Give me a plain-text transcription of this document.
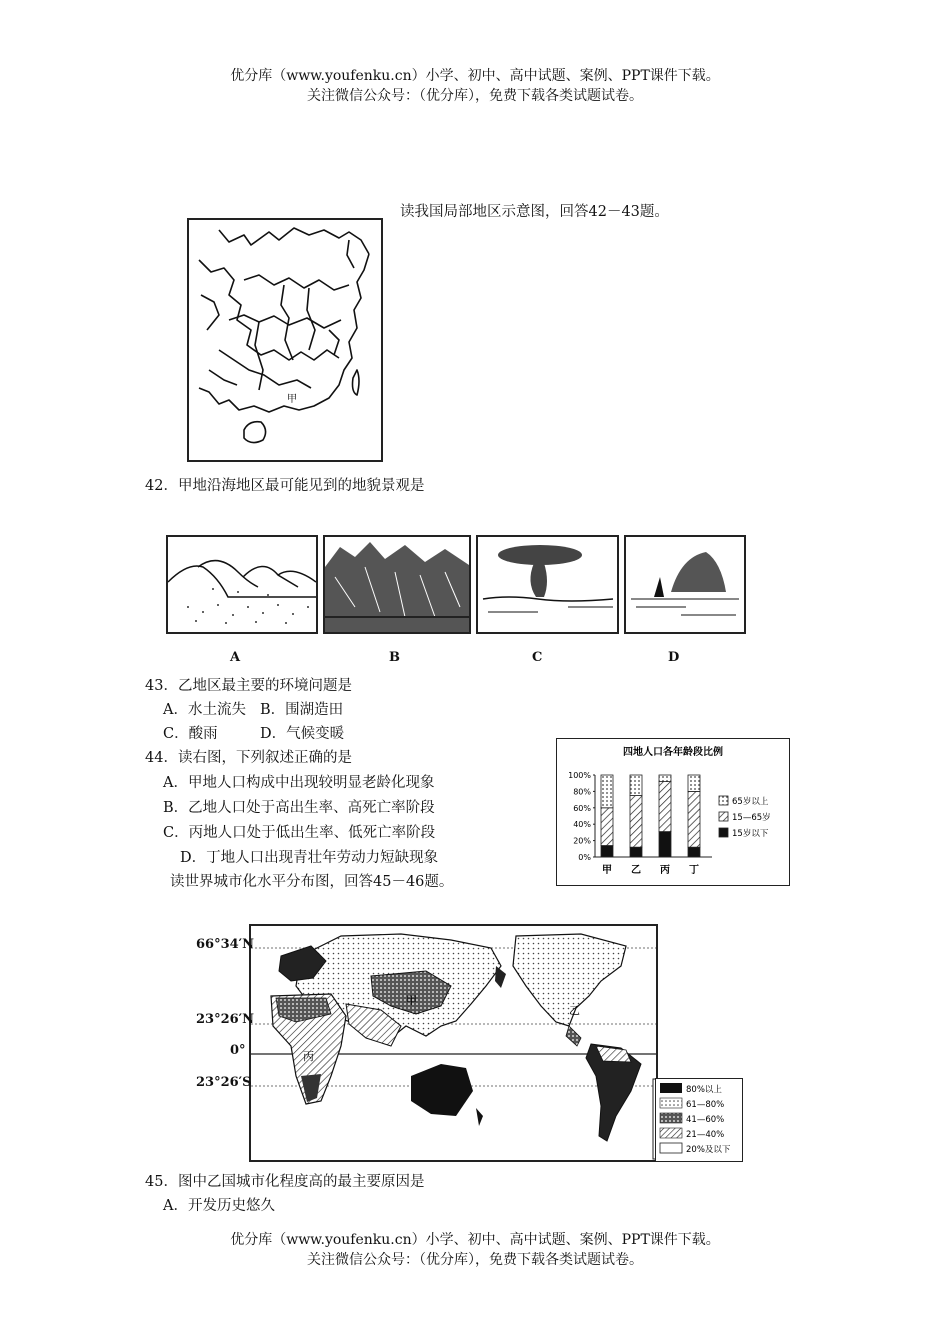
优分库（www.youfenku.cn）小学、初中、高中试题、案例、PPT课件下载。
关注微信公众号：（优分库），免费下载各类试题试卷。
甲
读我国局部地区示意图，回答42－43题。
42．甲地沿海地区最可能见到的地貌景观是
A	B	C	D
43．乙地区最主要的环境问题是
A．水土流失 B．围湖造田
C．酸雨	D．气候变暖
44．读右图，下列叙述正确的是
A．甲地人口构成中出现较明显老龄化现象
B．乙地人口处于高出生率、高死亡率阶段
C．丙地人口处于低出生率、低死亡率阶段
D．丁地人口出现青壮年劳动力短缺现象
读世界城市化水平分布图，回答45－46题。
四地人口各年龄段比例
0%
20%
40%
60%
80%
100%
甲 乙 丙 丁
65岁以上
15—65岁
15岁以下
甲
乙
丙
80%以上
61—80%
41—60%
21—40%
20%及以下
66°34′N
23°26′N
0°
23°26′S
45．图中乙国城市化程度高的最主要原因是
A．开发历史悠久
优分库（www.youfenku.cn）小学、初中、高中试题、案例、PPT课件下载。
关注微信公众号：（优分库），免费下载各类试题试卷。
